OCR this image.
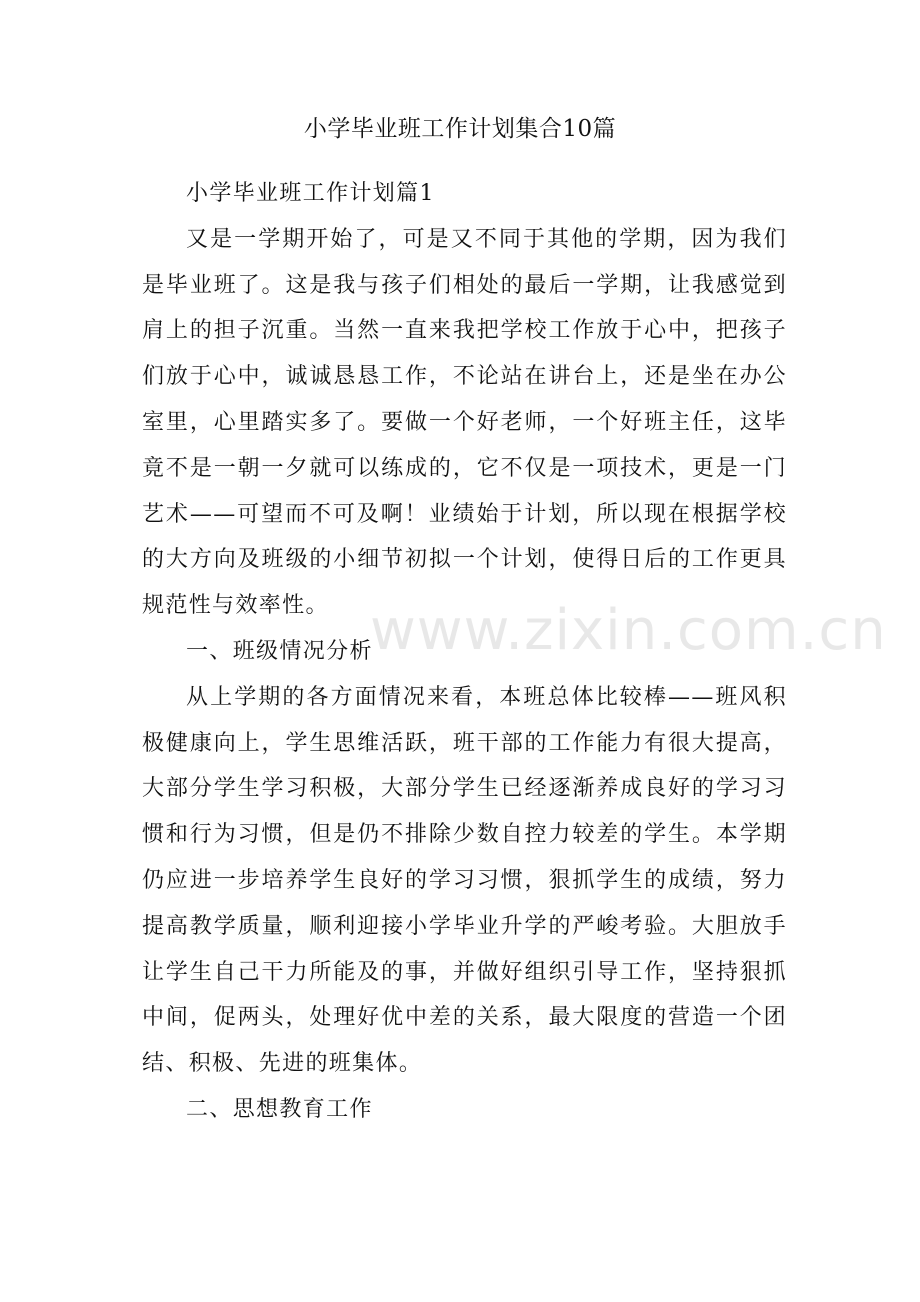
小学毕业班工作计划集合10篇

小学毕业班工作计划篇1

又是一学期开始了，可是又不同于其他的学期，因为我们是毕业班了。这是我与孩子们相处的最后一学期，让我感觉到肩上的担子沉重。当然一直来我把学校工作放于心中，把孩子们放于心中，诚诚恳恳工作，不论站在讲台上，还是坐在办公室里，心里踏实多了。要做一个好老师，一个好班主任，这毕竟不是一朝一夕就可以练成的，它不仅是一项技术，更是一门艺术——可望而不可及啊！业绩始于计划，所以现在根据学校的大方向及班级的小细节初拟一个计划，使得日后的工作更具规范性与效率性。

一、班级情况分析

从上学期的各方面情况来看，本班总体比较棒——班风积极健康向上，学生思维活跃，班干部的工作能力有很大提高，大部分学生学习积极，大部分学生已经逐渐养成良好的学习习惯和行为习惯，但是仍不排除少数自控力较差的学生。本学期仍应进一步培养学生良好的学习习惯，狠抓学生的成绩，努力提高教学质量，顺利迎接小学毕业升学的严峻考验。大胆放手让学生自己干力所能及的事，并做好组织引导工作，坚持狠抓中间，促两头，处理好优中差的关系，最大限度的营造一个团结、积极、先进的班集体。

二、思想教育工作

www.zixin.com.cn
